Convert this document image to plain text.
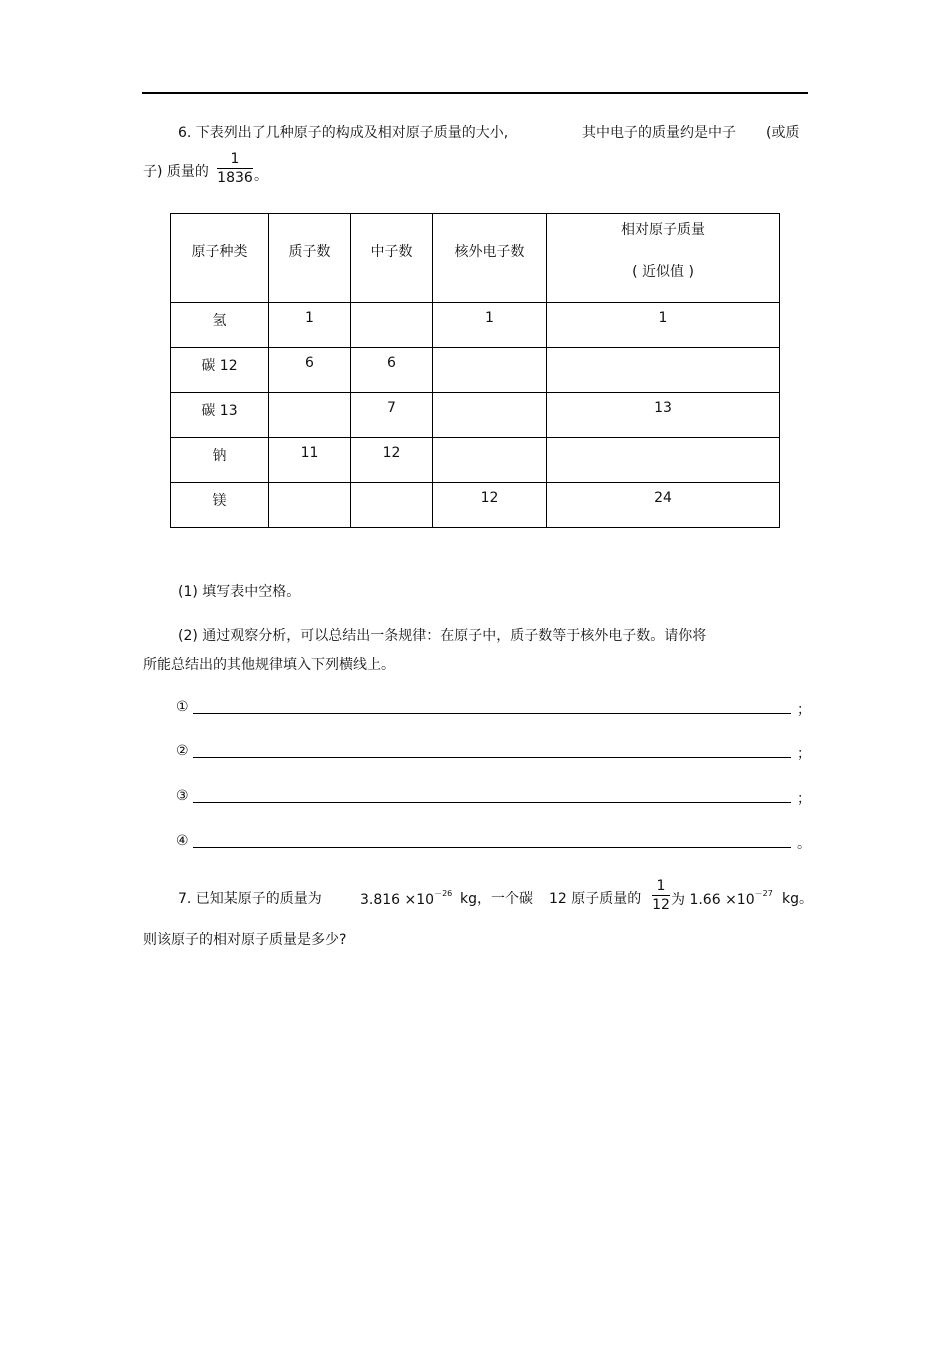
6. 下表列出了几种原子的构成及相对原子质量的大小,	其中电子的质量约是中子 (或质
子) 质量的
1
1836 。
原子种类	质子数	中子数	核外电子数	相对原子质量
( 近似值 )

氢	1		1	1

碳 12	6	6		

碳 13		7		13

钠	11	12		

镁			12	24
(1) 填写表中空格。
(2) 通过观察分析，可以总结出一条规律：在原子中，质子数等于核外电子数。请你将
所能总结出的其他规律填入下列横线上。
①	；
②	；
③	；
④	。
7. 已知某原子的质量为	$3.816 \times 10^{-26}$ kg，一个碳 12 原子质量的
1
12 为 $1.66 \times 10^{-27}$ kg。
则该原子的相对原子质量是多少?
